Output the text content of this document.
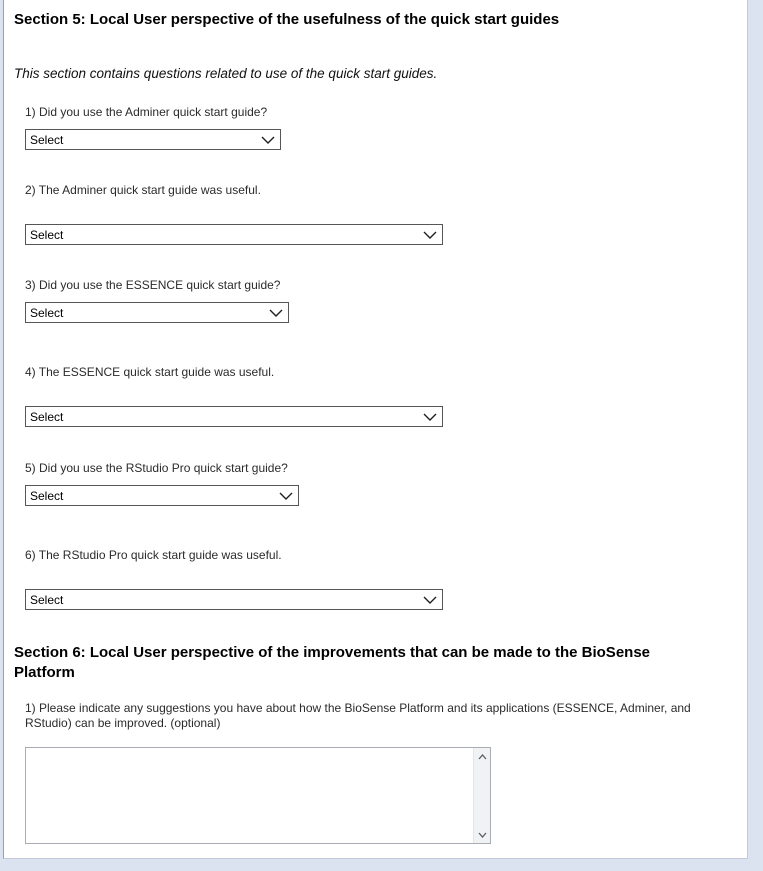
Section 5: Local User perspective of the usefulness of the quick start guides
This section contains questions related to use of the quick start guides.
1) Did you use the Adminer quick start guide?
Select
2) The Adminer quick start guide was useful.
Select
3) Did you use the ESSENCE quick start guide?
Select
4) The ESSENCE quick start guide was useful.
Select
5) Did you use the RStudio Pro quick start guide?
Select
6) The RStudio Pro quick start guide was useful.
Select
Section 6: Local User perspective of the improvements that can be made to the BioSense Platform
1) Please indicate any suggestions you have about how the BioSense Platform and its applications (ESSENCE, Adminer, and RStudio) can be improved. (optional)
